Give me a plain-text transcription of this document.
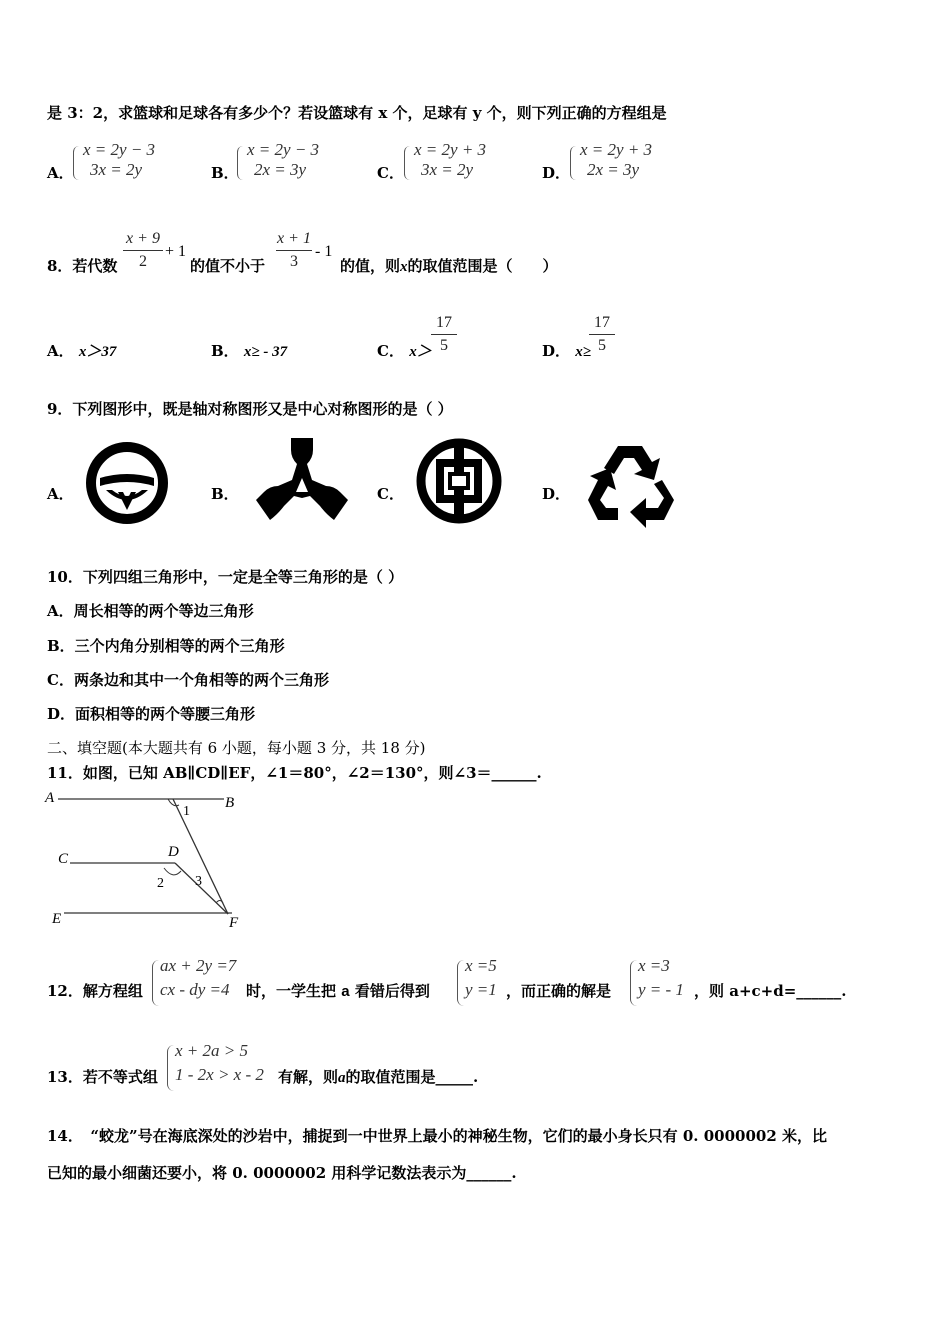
是 3：2，求篮球和足球各有多少个？若设篮球有 x 个，足球有 y 个，则下列正确的方程组是
A．
x = 2y − 3
3x = 2y	B．
x = 2y − 3
2x = 3y	C．
x = 2y + 3
3x = 2y	D．
x = 2y + 3
2x = 3y
8．若代数
x + 9
2
+ 1
的值不小于
x + 1
3
- 1
的值，则x的取值范围是（　　）
A． x＞37	B． x≥ - 37	C． x＞
17
5	D． x≥
17
5
9．下列图形中，既是轴对称图形又是中心对称图形的是（ ）
A．	B．	C．	D．
10．下列四组三角形中，一定是全等三角形的是（ ）
A．周长相等的两个等边三角形
B．三个内角分别相等的两个三角形
C．两条边和其中一个角相等的两个三角形
D．面积相等的两个等腰三角形
二、填空题(本大题共有 6 小题，每小题 3 分，共 18 分)
11．如图，已知 AB∥CD∥EF，∠1＝80°，∠2＝130°，则∠3＝______.
A	B
C	D
E	F
1
2 3
12．解方程组
ax + 2y =7
cx - dy =4 时，一学生把 a 看错后得到
x =5
y =1 ，而正确的解是
x =3
y = - 1 ，则 a+c+d=______.
13．若不等式组
x + 2a > 5
1 - 2x > x - 2 有解，则a的取值范围是_____.
14．　“蛟龙”号在海底深处的沙岩中，捕捉到一中世界上最小的神秘生物，它们的最小身长只有 0. 0000002 米，比
已知的最小细菌还要小，将 0. 0000002 用科学记数法表示为______.
